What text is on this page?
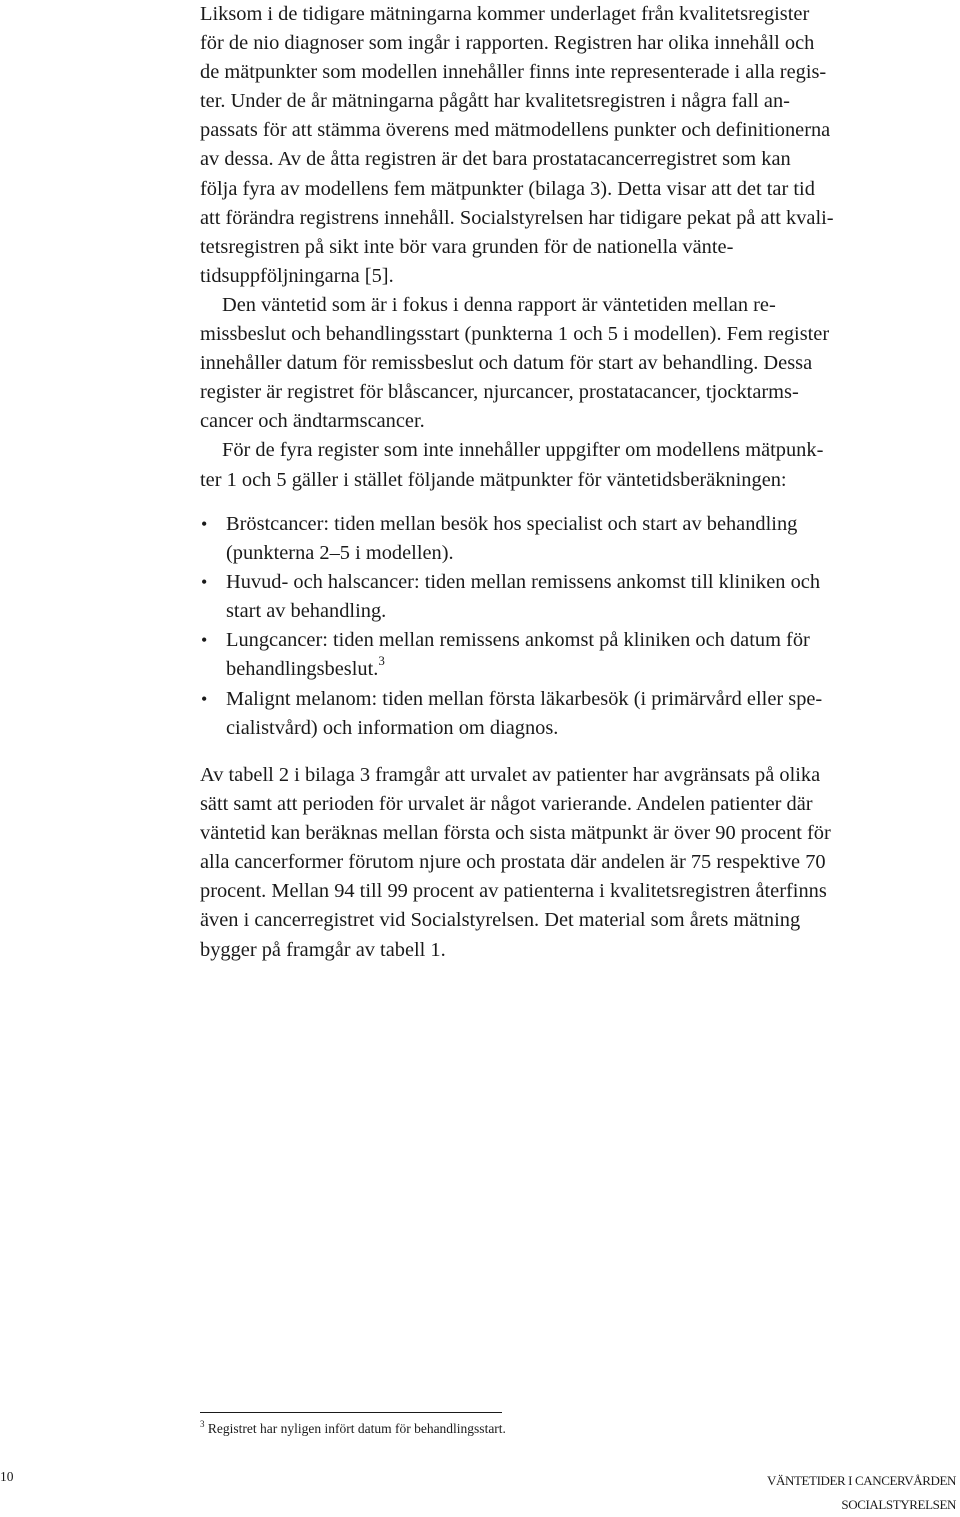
Liksom i de tidigare mätningarna kommer underlaget från kvalitetsregister
för de nio diagnoser som ingår i rapporten. Registren har olika innehåll och
de mätpunkter som modellen innehåller finns inte representerade i alla regis-
ter. Under de år mätningarna pågått har kvalitetsregistren i några fall an-
passats för att stämma överens med mätmodellens punkter och definitionerna
av dessa. Av de åtta registren är det bara prostatacancerregistret som kan
följa fyra av modellens fem mätpunkter (bilaga 3). Detta visar att det tar tid
att förändra registrens innehåll. Socialstyrelsen har tidigare pekat på att kvali-
tetsregistren på sikt inte bör vara grunden för de nationella vänte-
tidsuppföljningarna [5].
Den väntetid som är i fokus i denna rapport är väntetiden mellan re-
missbeslut och behandlingsstart (punkterna 1 och 5 i modellen). Fem register
innehåller datum för remissbeslut och datum för start av behandling. Dessa
register är registret för blåscancer, njurcancer, prostatacancer, tjocktarms-
cancer och ändtarmscancer.
För de fyra register som inte innehåller uppgifter om modellens mätpunk-
ter 1 och 5 gäller i stället följande mätpunkter för väntetidsberäkningen:
• Bröstcancer: tiden mellan besök hos specialist och start av behandling
(punkterna 2–5 i modellen).
• Huvud- och halscancer: tiden mellan remissens ankomst till kliniken och
start av behandling.
• Lungcancer: tiden mellan remissens ankomst på kliniken och datum för
behandlingsbeslut.$^3$
• Malignt melanom: tiden mellan första läkarbesök (i primärvård eller spe-
cialistvård) och information om diagnos.
Av tabell 2 i bilaga 3 framgår att urvalet av patienter har avgränsats på olika
sätt samt att perioden för urvalet är något varierande. Andelen patienter där
väntetid kan beräknas mellan första och sista mätpunkt är över 90 procent för
alla cancerformer förutom njure och prostata där andelen är 75 respektive 70
procent. Mellan 94 till 99 procent av patienterna i kvalitetsregistren återfinns
även i cancerregistret vid Socialstyrelsen. Det material som årets mätning
bygger på framgår av tabell 1.
$^3$ Registret har nyligen infört datum för behandlingsstart.
10	VÄNTETIDER I CANCERVÅRDEN
SOCIALSTYRELSEN
